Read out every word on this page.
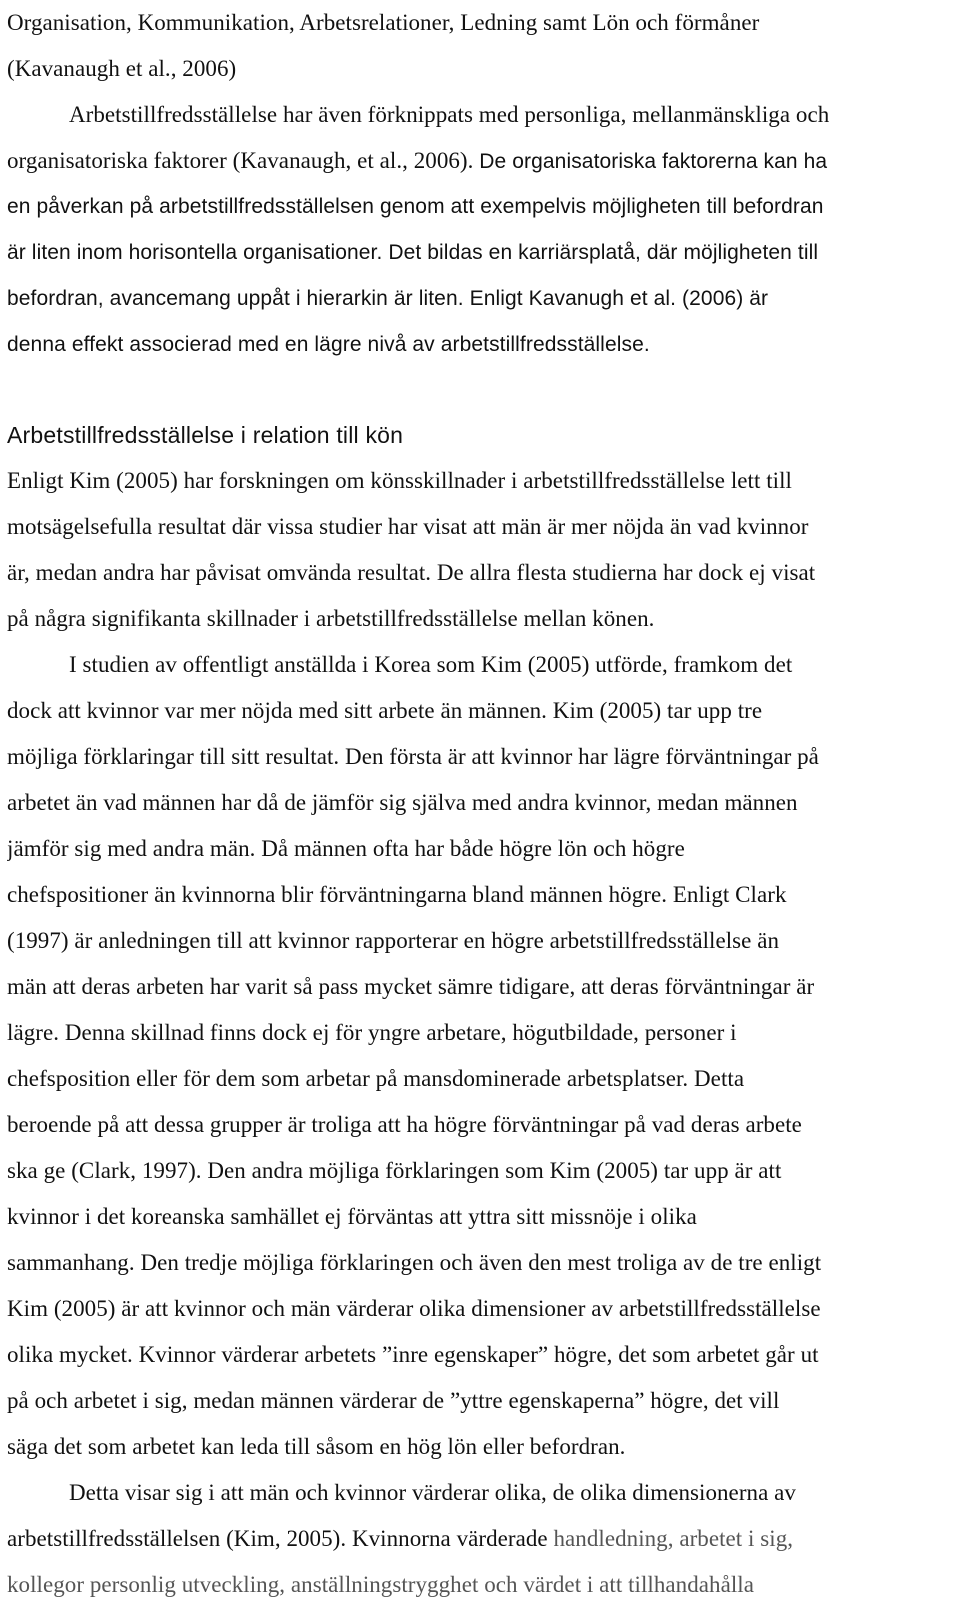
Organisation, Kommunikation, Arbetsrelationer, Ledning samt Lön och förmåner
(Kavanaugh et al., 2006)
Arbetstillfredsställelse har även förknippats med personliga, mellanmänskliga och
organisatoriska faktorer (Kavanaugh, et al., 2006). De organisatoriska faktorerna kan ha
en påverkan på arbetstillfredsställelsen genom att exempelvis möjligheten till befordran
är liten inom horisontella organisationer. Det bildas en karriärsplatå, där möjligheten till
befordran, avancemang uppåt i hierarkin är liten. Enligt Kavanugh et al. (2006) är
denna effekt associerad med en lägre nivå av arbetstillfredsställelse.
Arbetstillfredsställelse i relation till kön
Enligt Kim (2005) har forskningen om könsskillnader i arbetstillfredsställelse lett till
motsägelsefulla resultat där vissa studier har visat att män är mer nöjda än vad kvinnor
är, medan andra har påvisat omvända resultat. De allra flesta studierna har dock ej visat
på några signifikanta skillnader i arbetstillfredsställelse mellan könen.
I studien av offentligt anställda i Korea som Kim (2005) utförde, framkom det
dock att kvinnor var mer nöjda med sitt arbete än männen. Kim (2005) tar upp tre
möjliga förklaringar till sitt resultat. Den första är att kvinnor har lägre förväntningar på
arbetet än vad männen har då de jämför sig själva med andra kvinnor, medan männen
jämför sig med andra män. Då männen ofta har både högre lön och högre
chefspositioner än kvinnorna blir förväntningarna bland männen högre. Enligt Clark
(1997) är anledningen till att kvinnor rapporterar en högre arbetstillfredsställelse än
män att deras arbeten har varit så pass mycket sämre tidigare, att deras förväntningar är
lägre. Denna skillnad finns dock ej för yngre arbetare, högutbildade, personer i
chefsposition eller för dem som arbetar på mansdominerade arbetsplatser. Detta
beroende på att dessa grupper är troliga att ha högre förväntningar på vad deras arbete
ska ge (Clark, 1997). Den andra möjliga förklaringen som Kim (2005) tar upp är att
kvinnor i det koreanska samhället ej förväntas att yttra sitt missnöje i olika
sammanhang. Den tredje möjliga förklaringen och även den mest troliga av de tre enligt
Kim (2005) är att kvinnor och män värderar olika dimensioner av arbetstillfredsställelse
olika mycket. Kvinnor värderar arbetets ”inre egenskaper” högre, det som arbetet går ut
på och arbetet i sig, medan männen värderar de ”yttre egenskaperna” högre, det vill
säga det som arbetet kan leda till såsom en hög lön eller befordran.
Detta visar sig i att män och kvinnor värderar olika, de olika dimensionerna av
arbetstillfredsställelsen (Kim, 2005). Kvinnorna värderade handledning, arbetet i sig,
kollegor personlig utveckling, anställningstrygghet och värdet i att tillhandahålla
